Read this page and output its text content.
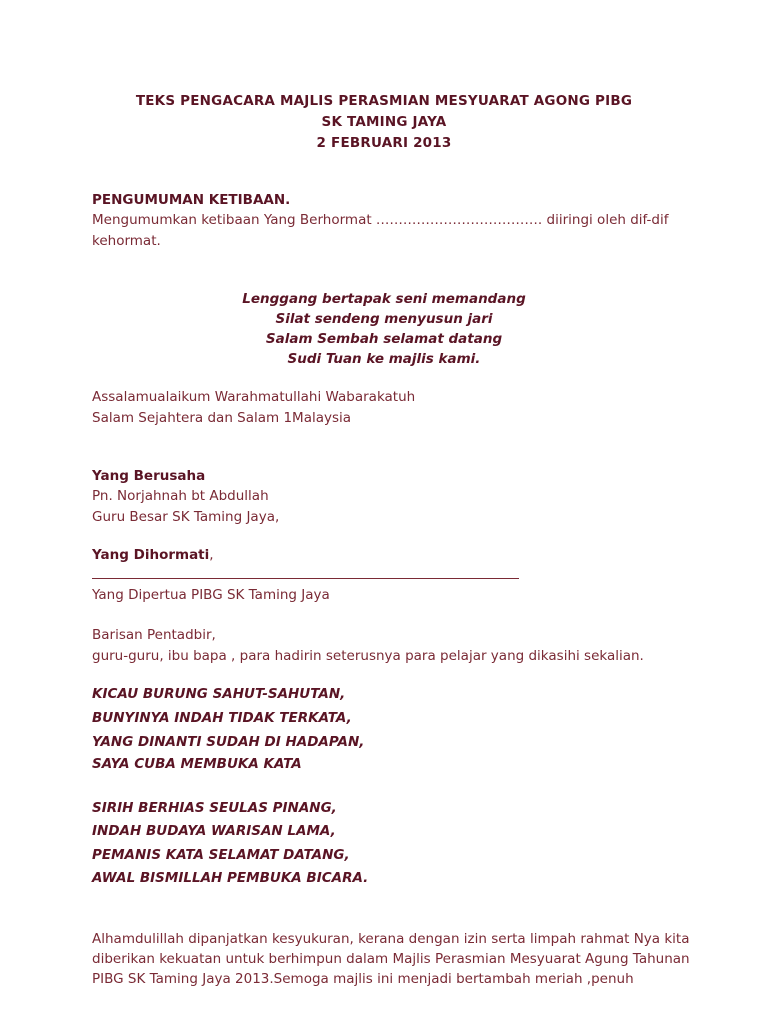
TEKS PENGACARA MAJLIS PERASMIAN MESYUARAT AGONG PIBG
SK TAMING JAYA
2 FEBRUARI 2013
PENGUMUMAN KETIBAAN.
Mengumumkan ketibaan Yang Berhormat ………………………………. diiringi oleh dif-dif
kehormat.
Lenggang bertapak seni memandang
Silat sendeng menyusun jari
Salam Sembah selamat datang
Sudi Tuan ke majlis kami.
Assalamualaikum Warahmatullahi Wabarakatuh
Salam Sejahtera dan Salam 1Malaysia
Yang Berusaha
Pn. Norjahnah bt Abdullah
Guru Besar SK Taming Jaya,
Yang Dihormati,
Yang Dipertua PIBG SK Taming Jaya
Barisan Pentadbir,
guru-guru, ibu bapa , para hadirin seterusnya para pelajar yang dikasihi sekalian.
KICAU BURUNG SAHUT-SAHUTAN,
BUNYINYA INDAH TIDAK TERKATA,
YANG DINANTI SUDAH DI HADAPAN,
SAYA CUBA MEMBUKA KATA
SIRIH BERHIAS SEULAS PINANG,
INDAH BUDAYA WARISAN LAMA,
PEMANIS KATA SELAMAT DATANG,
AWAL BISMILLAH PEMBUKA BICARA.
Alhamdulillah dipanjatkan kesyukuran, kerana dengan izin serta limpah rahmat Nya kita
diberikan kekuatan untuk berhimpun dalam Majlis Perasmian Mesyuarat Agung Tahunan
PIBG SK Taming Jaya 2013.Semoga majlis ini menjadi bertambah meriah ,penuh
